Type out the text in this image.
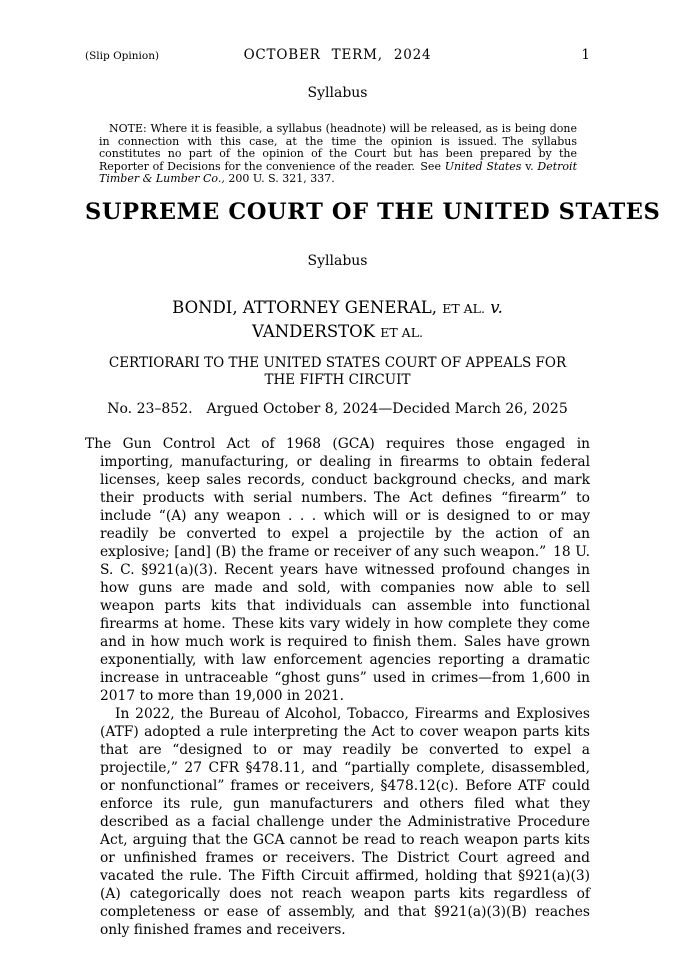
(Slip Opinion)	OCTOBER TERM, 2024	1
Syllabus
NOTE: Where it is feasible, a syllabus (headnote) will be released, as is being done in connection with this case, at the time the opinion is issued. The syllabus constitutes no part of the opinion of the Court but has been prepared by the Reporter of Decisions for the convenience of the reader. See United States v. Detroit Timber & Lumber Co., 200 U. S. 321, 337.
SUPREME COURT OF THE UNITED STATES
Syllabus
BONDI, ATTORNEY GENERAL, ET AL. v.
VANDERSTOK ET AL.
CERTIORARI TO THE UNITED STATES COURT OF APPEALS FOR THE FIFTH CIRCUIT
No. 23–852. Argued October 8, 2024—Decided March 26, 2025

The Gun Control Act of 1968 (GCA) requires those engaged in importing, manufacturing, or dealing in firearms to obtain federal licenses, keep sales records, conduct background checks, and mark their products with serial numbers. The Act defines “firearm” to include “(A) any weapon . . . which will or is designed to or may readily be converted to expel a projectile by the action of an explosive; [and] (B) the frame or receiver of any such weapon.” 18 U. S. C. §921(a)(3). Recent years have witnessed profound changes in how guns are made and sold, with companies now able to sell weapon parts kits that individuals can assemble into functional firearms at home. These kits vary widely in how complete they come and in how much work is required to finish them. Sales have grown exponentially, with law enforcement agencies reporting a dramatic increase in untraceable “ghost guns” used in crimes—from 1,600 in 2017 to more than 19,000 in 2021.

In 2022, the Bureau of Alcohol, Tobacco, Firearms and Explosives (ATF) adopted a rule interpreting the Act to cover weapon parts kits that are “designed to or may readily be converted to expel a projectile,” 27 CFR §478.11, and “partially complete, disassembled, or nonfunctional” frames or receivers, §478.12(c). Before ATF could enforce its rule, gun manufacturers and others filed what they described as a facial challenge under the Administrative Procedure Act, arguing that the GCA cannot be read to reach weapon parts kits or unfinished frames or receivers. The District Court agreed and vacated the rule. The Fifth Circuit affirmed, holding that §921(a)(3)(A) categorically does not reach weapon parts kits regardless of completeness or ease of assembly, and that §921(a)(3)(B) reaches only finished frames and receivers.
